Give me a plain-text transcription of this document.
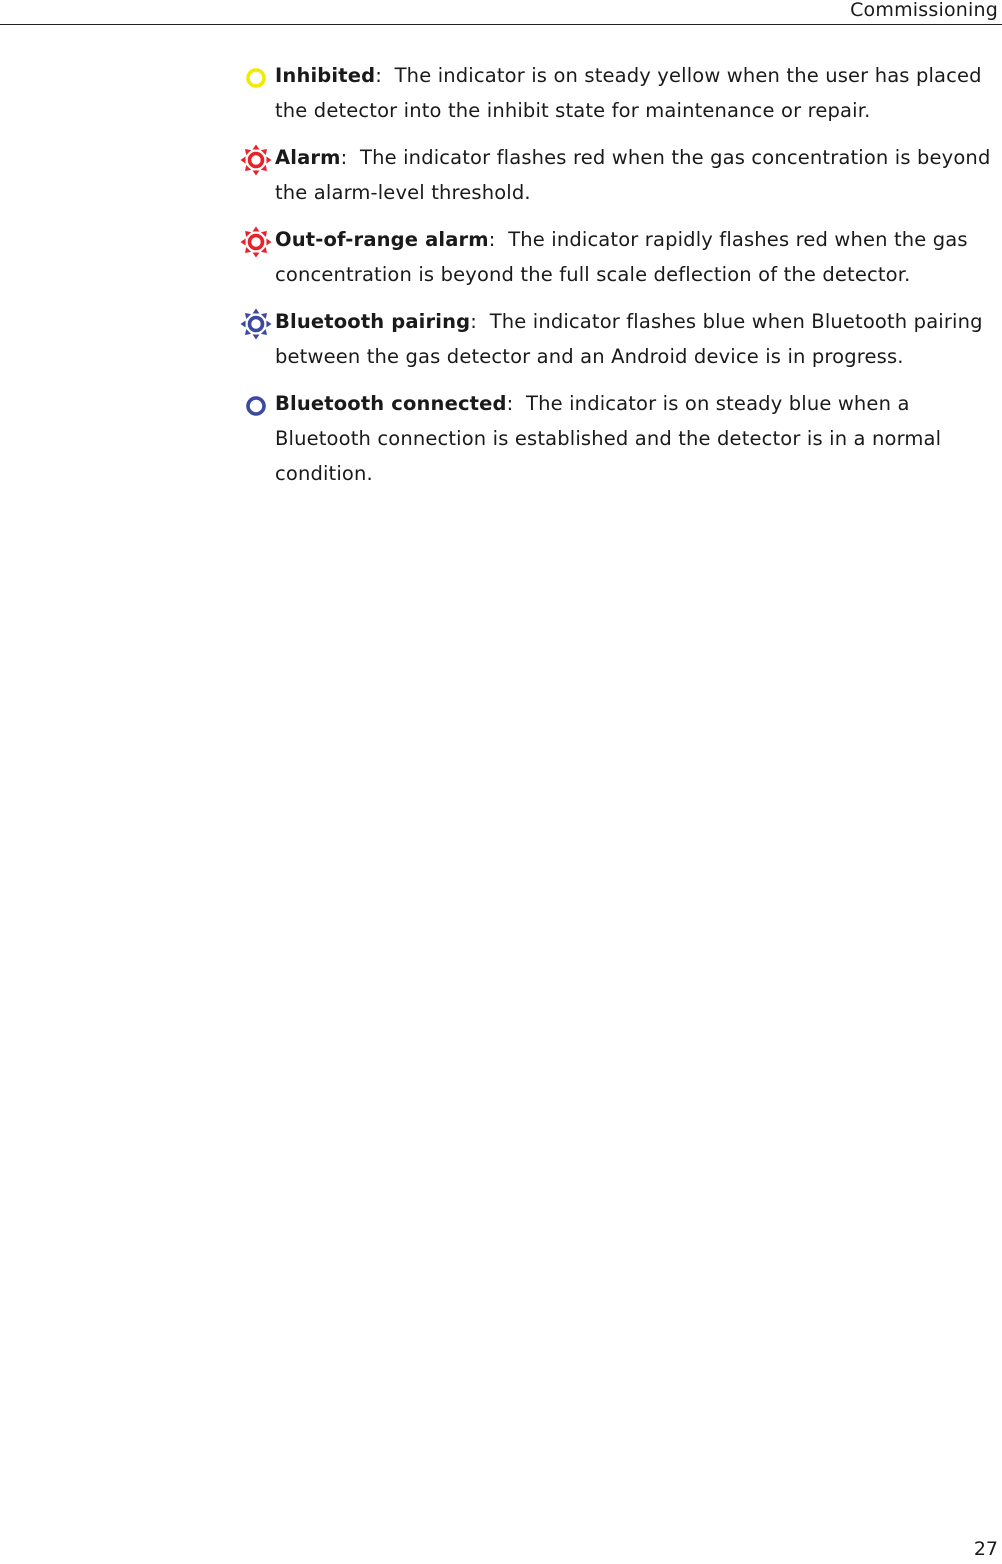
Commissioning
Inhibited:  The indicator is on steady yellow when the user has placed the detector into the inhibit state for maintenance or repair.
Alarm:  The indicator flashes red when the gas concentration is beyond the alarm-level threshold.
Out-of-range alarm:  The indicator rapidly flashes red when the gas concentration is beyond the full scale deflection of the detector.
Bluetooth pairing:  The indicator flashes blue when Bluetooth pairing between the gas detector and an Android device is in progress.
Bluetooth connected:  The indicator is on steady blue when a Bluetooth connection is established and the detector is in a normal condition.
27
